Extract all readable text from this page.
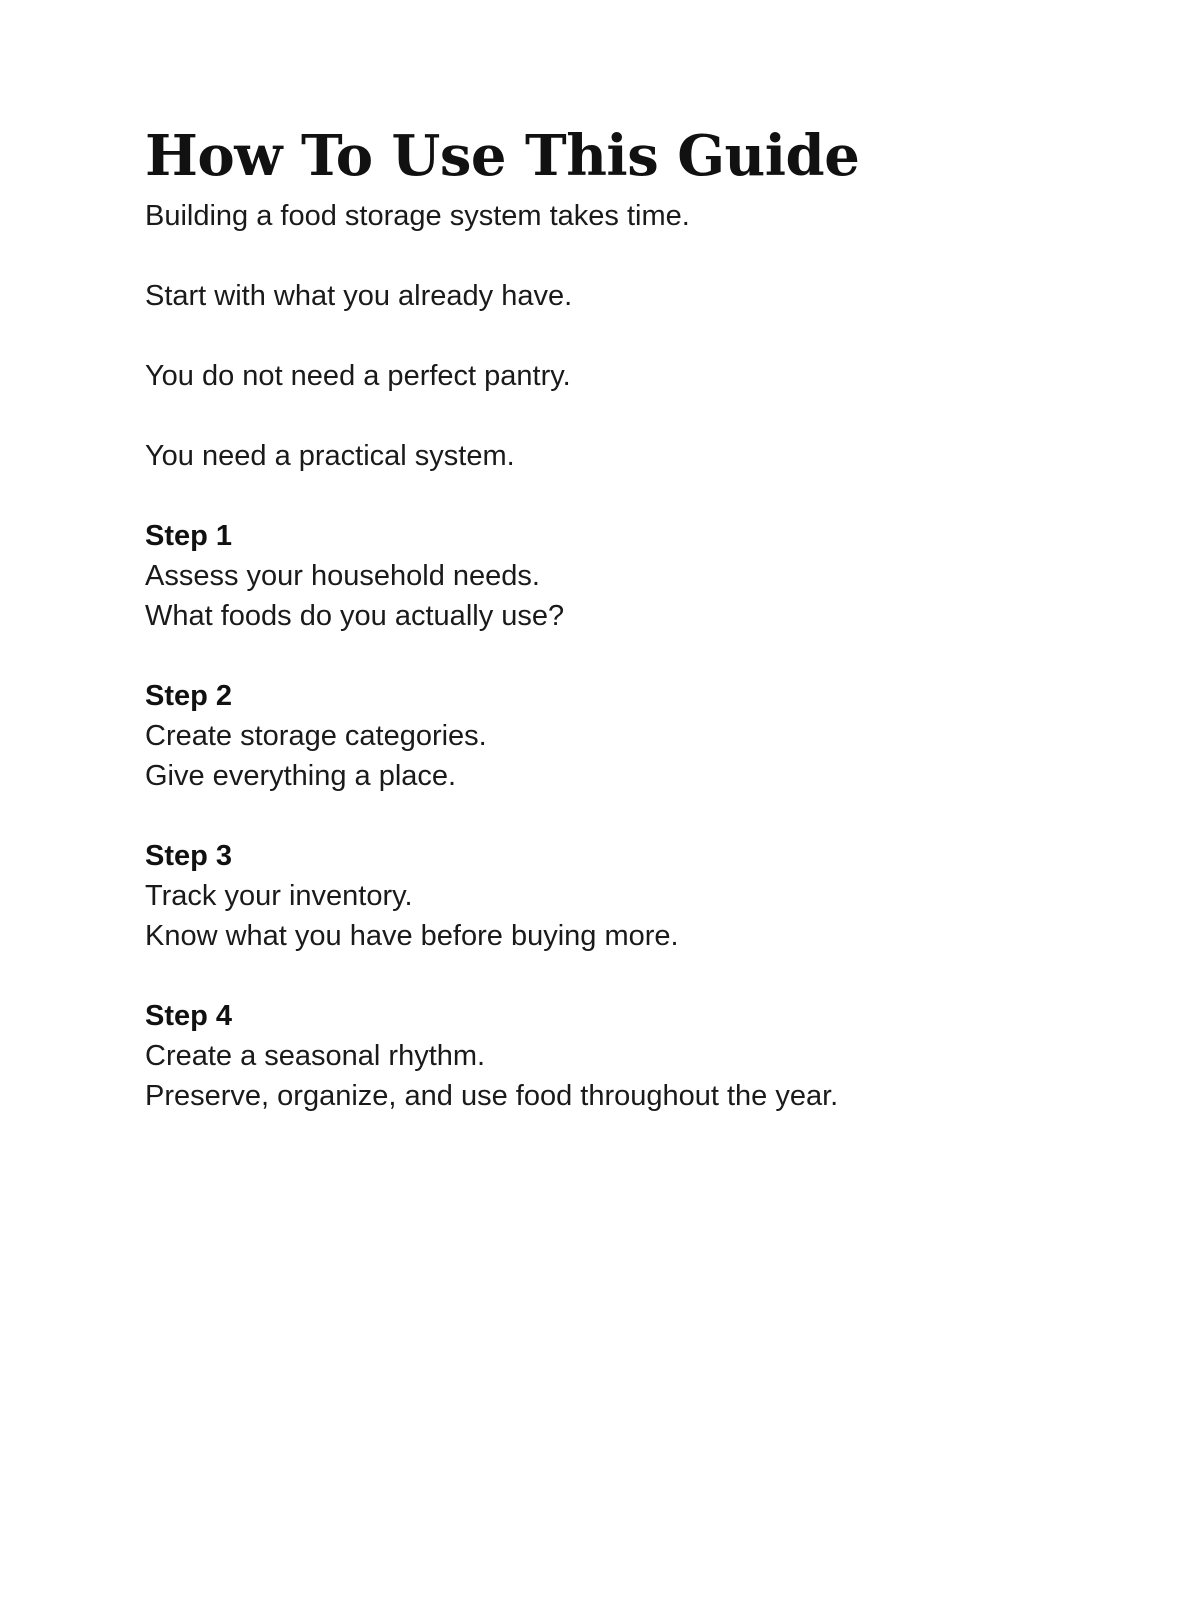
How To Use This Guide

Building a food storage system takes time.

Start with what you already have.

You do not need a perfect pantry.

You need a practical system.

Step 1

Assess your household needs.

What foods do you actually use?

Step 2

Create storage categories.

Give everything a place.

Step 3

Track your inventory.

Know what you have before buying more.

Step 4

Create a seasonal rhythm.

Preserve, organize, and use food throughout the year.
